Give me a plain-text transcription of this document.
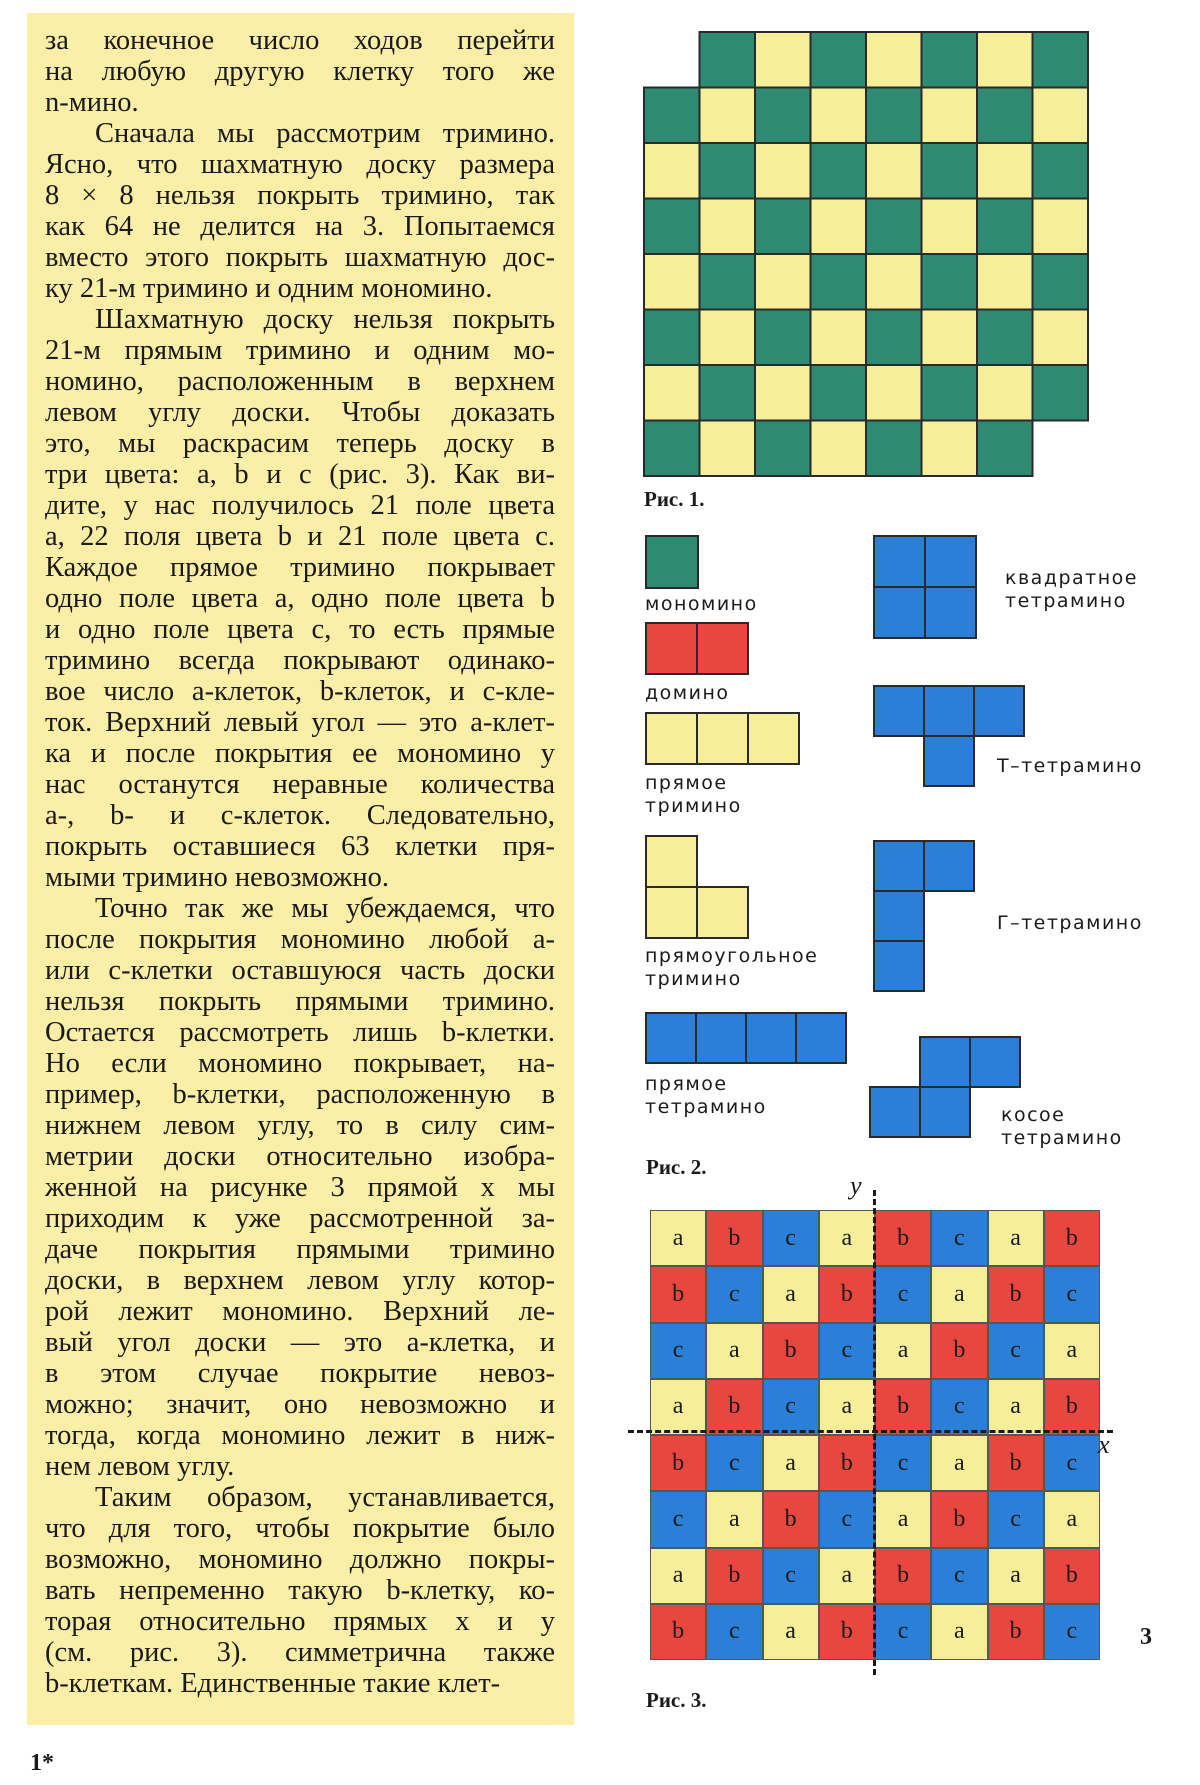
за конечное число ходов перейти
на любую другую клетку того же
n-мино.
Сначала мы рассмотрим тримино.
Ясно, что шахматную доску размера
8 × 8 нельзя покрыть тримино, так
как 64 не делится на 3. Попытаемся
вместо этого покрыть шахматную дос-
ку 21-м тримино и одним мономино.
Шахматную доску нельзя покрыть
21-м прямым тримино и одним мо-
номино, расположенным в верхнем
левом углу доски. Чтобы доказать
это, мы раскрасим теперь доску в
три цвета: a, b и c (рис. 3). Как ви-
дите, у нас получилось 21 поле цвета
a, 22 поля цвета b и 21 поле цвета c.
Каждое прямое тримино покрывает
одно поле цвета a, одно поле цвета b
и одно поле цвета c, то есть прямые
тримино всегда покрывают одинако-
вое число a-клеток, b-клеток, и c-кле-
ток. Верхний левый угол — это a-клет-
ка и после покрытия ее мономино у
нас останутся неравные количества
a-, b- и c-клеток. Следовательно,
покрыть оставшиеся 63 клетки пря-
мыми тримино невозможно.
Точно так же мы убеждаемся, что
после покрытия мономино любой a-
или c-клетки оставшуюся часть доски
нельзя покрыть прямыми тримино.
Остается рассмотреть лишь b-клетки.
Но если мономино покрывает, на-
пример, b-клетки, расположенную в
нижнем левом углу, то в силу сим-
метрии доски относительно изобра-
женной на рисунке 3 прямой x мы
приходим к уже рассмотренной за-
даче покрытия прямыми тримино
доски, в верхнем левом углу котор-
рой лежит мономино. Верхний ле-
вый угол доски — это a-клетка, и
в этом случае покрытие невоз-
можно; значит, оно невозможно и
тогда, когда мономино лежит в ниж-
нем левом углу.
Таким образом, устанавливается,
что для того, чтобы покрытие было
возможно, мономино должно покры-
вать непременно такую b-клетку, ко-
торая относительно прямых x и y
(см. рис. 3). симметрична также
b-клеткам. Единственные такие клет-
Рис. 1.
мономино
домино
прямое
тримино
прямоугольное
тримино
прямое
тетрамино
квадратное
тетрамино
Т–тетрамино
Г–тетрамино
косое
тетрамино
Рис. 2.
a	b	c	a	b	c	a	b
b	c	a	b	c	a	b	c
c	a	b	c	a	b	c	a
a	b	c	a	b	c	a	b
b	c	a	b	c	a	b	c
c	a	b	c	a	b	c	a
a	b	c	a	b	c	a	b
b	c	a	b	c	a	b	c
x
y
Рис. 3.
3
1*
